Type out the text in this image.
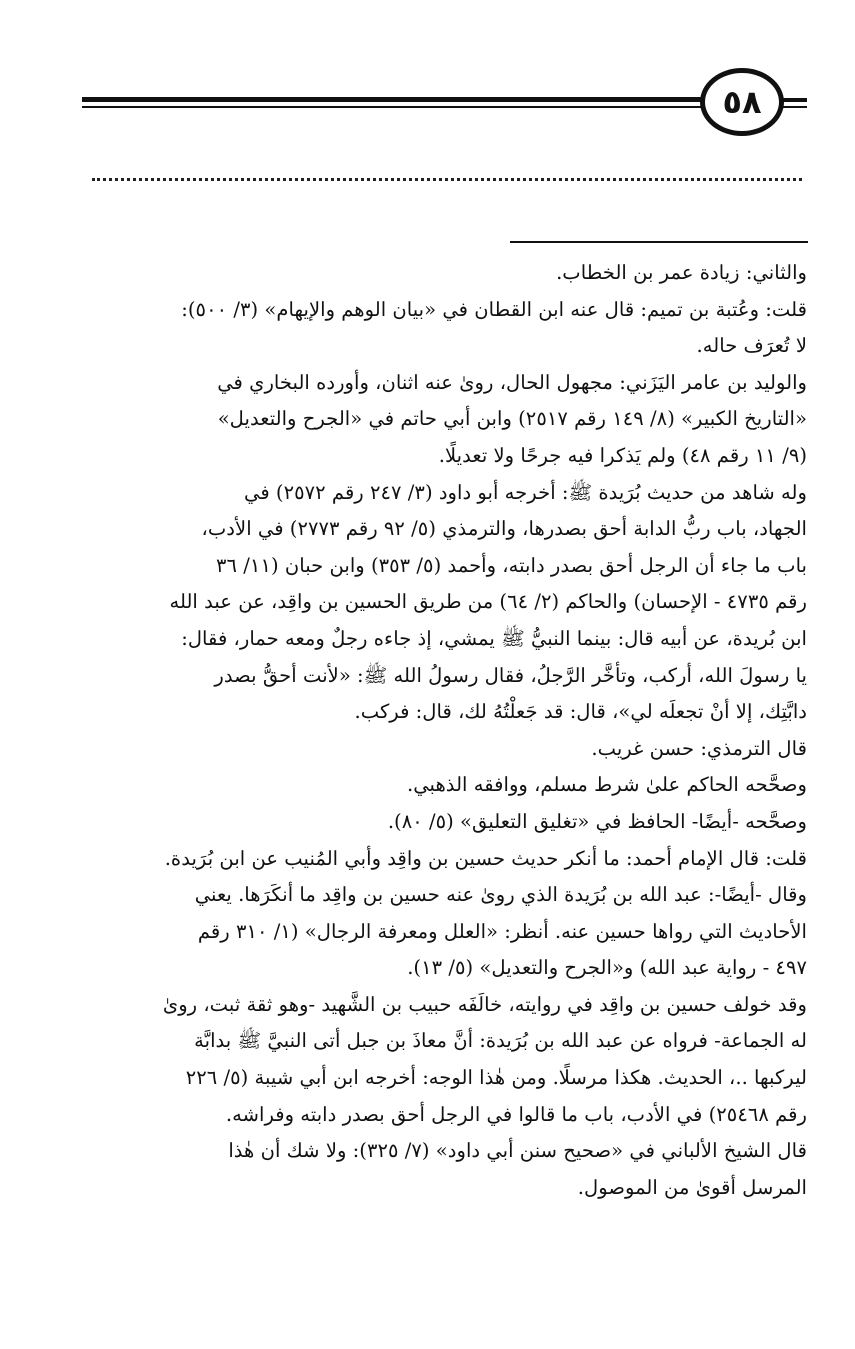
٥٨

والثاني: زيادة عمر بن الخطاب.

قلت: وعُتبة بن تميم: قال عنه ابن القطان في «بيان الوهم والإيهام» (٣/ ٥٠٠):

لا تُعرَف حاله.

والوليد بن عامر اليَزَني: مجهول الحال، روىٰ عنه اثنان، وأورده البخاري في

«التاريخ الكبير» (٨/ ١٤٩ رقم ٢٥١٧) وابن أبي حاتم في «الجرح والتعديل»

(٩/ ١١ رقم ٤٨) ولم يَذكرا فيه جرحًا ولا تعديلًا.

وله شاهد من حديث بُرَيدة ﷺ: أخرجه أبو داود (٣/ ٢٤٧ رقم ٢٥٧٢) في

الجهاد، باب ربُّ الدابة أحق بصدرها، والترمذي (٥/ ٩٢ رقم ٢٧٧٣) في الأدب،

باب ما جاء أن الرجل أحق بصدر دابته، وأحمد (٥/ ٣٥٣) وابن حبان (١١/ ٣٦

رقم ٤٧٣٥ - الإحسان) والحاكم (٢/ ٦٤) من طريق الحسين بن واقِد، عن عبد الله

ابن بُريدة، عن أبيه قال: بينما النبيُّ ﷺ يمشي، إذ جاءه رجلٌ ومعه حمار، فقال:

يا رسولَ الله، أركب، وتأخَّر الرَّجلُ، فقال رسولُ الله ﷺ: «لأنت أحقُّ بصدر

دابَّتِك، إلا أنْ تجعلَه لي»، قال: قد جَعلْتُهُ لك، قال: فركب.

قال الترمذي: حسن غريب.

وصحَّحه الحاكم علىٰ شرط مسلم، ووافقه الذهبي.

وصحَّحه -أيضًا- الحافظ في «تغليق التعليق» (٥/ ٨٠).

قلت: قال الإمام أحمد: ما أنكر حديث حسين بن واقِد وأبي المُنيب عن ابن بُرَيدة.

وقال -أيضًا-: عبد الله بن بُرَيدة الذي روىٰ عنه حسين بن واقِد ما أنكَرَها. يعني

الأحاديث التي رواها حسين عنه. أنظر: «العلل ومعرفة الرجال» (١/ ٣١٠ رقم

٤٩٧ - رواية عبد الله) و«الجرح والتعديل» (٥/ ١٣).

وقد خولف حسين بن واقِد في روايته، خالَفَه حبيب بن الشَّهيد -وهو ثقة ثبت، روىٰ

له الجماعة- فرواه عن عبد الله بن بُرَيدة: أنَّ معاذَ بن جبل أتى النبيَّ ﷺ بدابَّة

ليركبها ..، الحديث. هكذا مرسلًا. ومن هٰذا الوجه: أخرجه ابن أبي شيبة (٥/ ٢٢٦

رقم ٢٥٤٦٨) في الأدب، باب ما قالوا في الرجل أحق بصدر دابته وفراشه.

قال الشيخ الألباني في «صحيح سنن أبي داود» (٧/ ٣٢٥): ولا شك أن هٰذا

المرسل أقوىٰ من الموصول.
